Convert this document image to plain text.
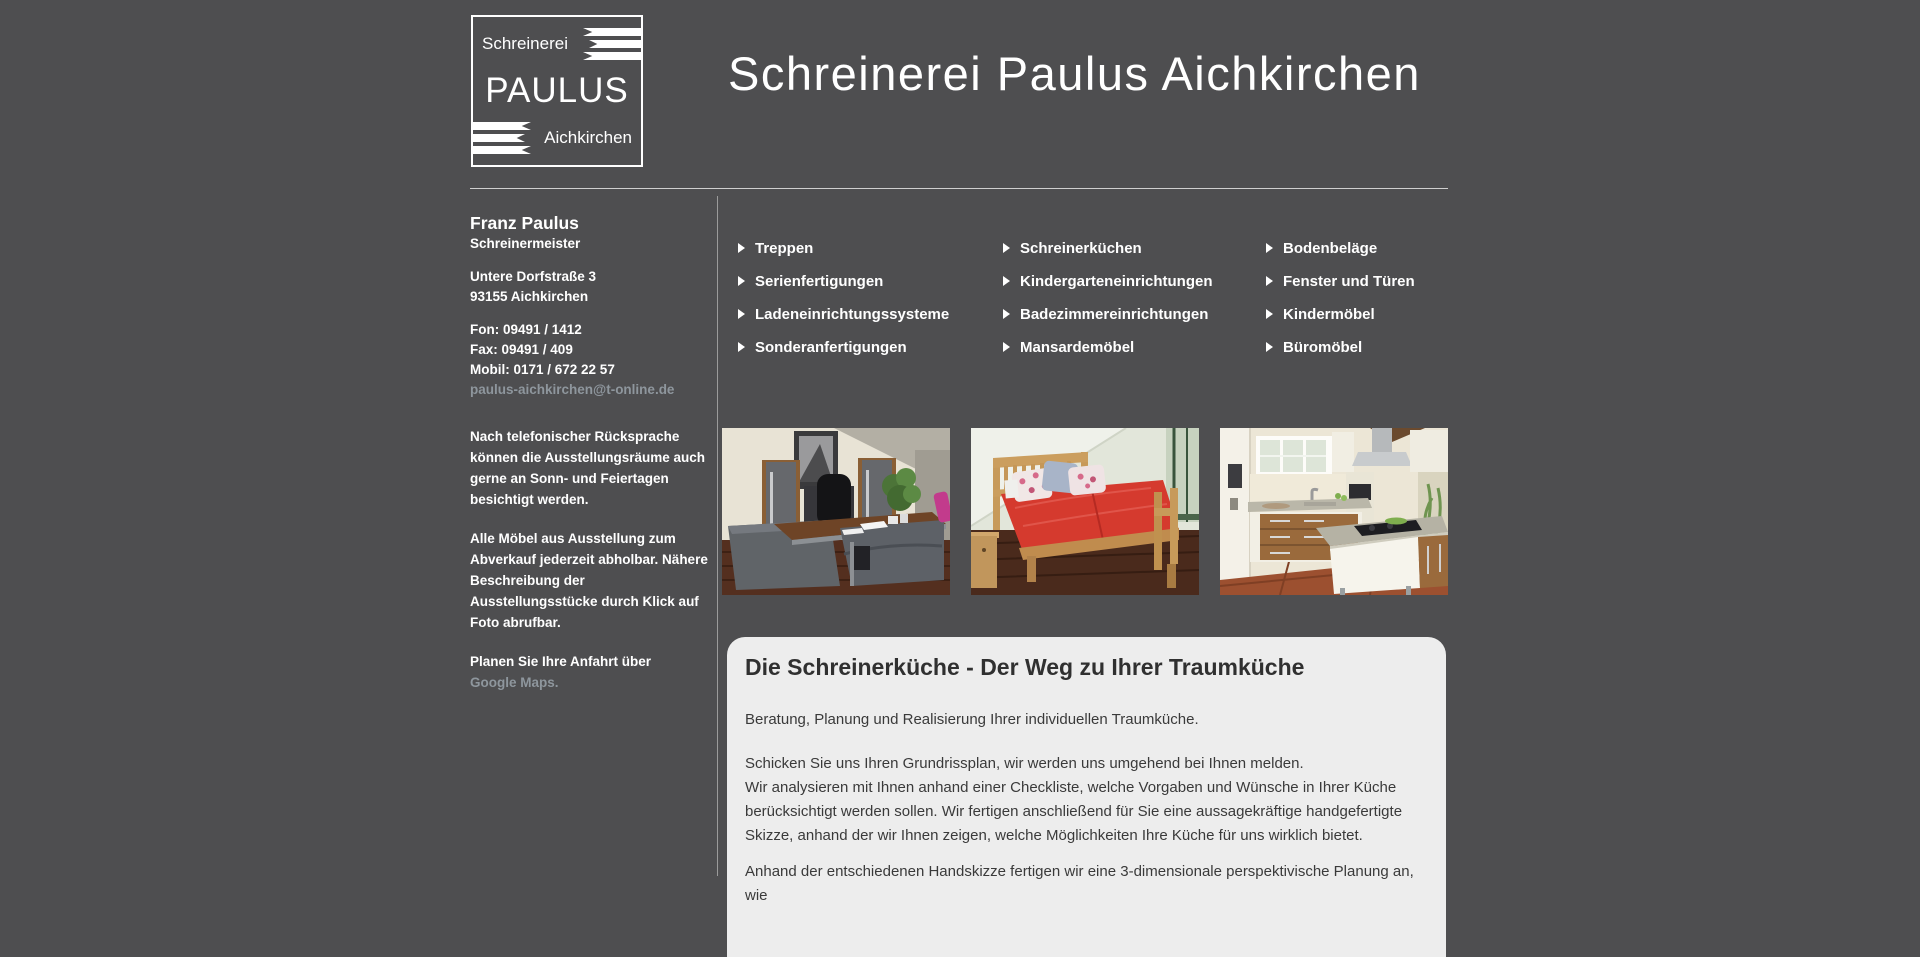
Schreinerei
PAULUS
Aichkirchen
Schreinerei Paulus Aichkirchen
Franz Paulus
Schreinermeister
Untere Dorfstraße 3
93155 Aichkirchen
Fon: 09491 / 1412
Fax: 09491 / 409
Mobil: 0171 / 672 22 57
paulus-aichkirchen@t-online.de

Nach telefonischer Rücksprache können die Ausstellungsräume auch gerne an Sonn- und Feiertagen besichtigt werden.

Alle Möbel aus Ausstellung zum Abverkauf jederzeit abholbar. Nähere Beschreibung der Ausstellungsstücke durch Klick auf Foto abrufbar.

Planen Sie Ihre Anfahrt über
Google Maps.

Treppen
Serienfertigungen
Ladeneinrichtungssysteme
Sonderanfertigungen
Schreinerküchen
Kindergarteneinrichtungen
Badezimmereinrichtungen
Mansardemöbel
Bodenbeläge
Fenster und Türen
Kindermöbel
Büromöbel
Die Schreinerküche - Der Weg zu Ihrer Traumküche

Beratung, Planung und Realisierung Ihrer individuellen Traumküche.

Schicken Sie uns Ihren Grundrissplan, wir werden uns umgehend bei Ihnen melden.
Wir analysieren mit Ihnen anhand einer Checkliste, welche Vorgaben und Wünsche in Ihrer Küche berücksichtigt werden sollen. Wir fertigen anschließend für Sie eine aussagekräftige handgefertigte Skizze, anhand der wir Ihnen zeigen, welche Möglichkeiten Ihre Küche für uns wirklich bietet.

Anhand der entschiedenen Handskizze fertigen wir eine 3-dimensionale perspektivische Planung an, wie
